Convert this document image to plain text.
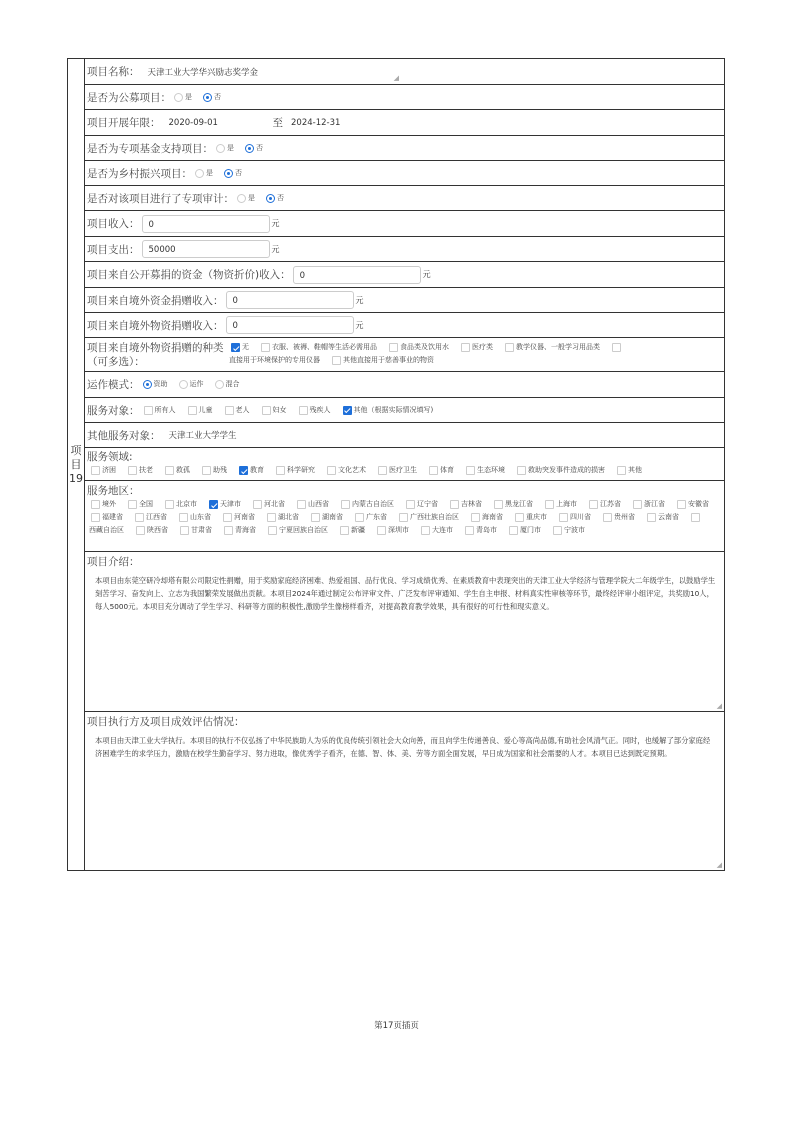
项目19
项目名称： 天津工业大学华兴励志奖学金
◢
是否为公募项目： 是	否
项目开展年限： 2020-09-01	至 2024-12-31
是否为专项基金支持项目： 是	否
是否为乡村振兴项目： 是	否
是否对该项目进行了专项审计： 是	否
项目收入：	0	元
项目支出：	50000	元
项目来自公开募捐的资金（物资折价)收入：	0	元
项目来自境外资金捐赠收入：	0	元
项目来自境外物资捐赠收入：	0	元
项目来自境外物资捐赠的种类
（可多选）：
无	衣服、被褥、鞋帽等生活必需用品	食品类及饮用水	医疗类	教学仪器、一般学习用品类
直接用于环境保护的专用仪器	其他直接用于慈善事业的物资
运作模式： 资助	运作	混合
服务对象： 所有人	儿童	老人	妇女	残疾人	其他（根据实际情况填写)
其他服务对象： 天津工业大学学生
服务领域:
济困	扶老	救孤	助残	教育	科学研究	文化艺术	医疗卫生	体育	生态环境	救助突发事件造成的损害	其他
服务地区：
境外	全国	北京市	天津市	河北省	山西省	内蒙古自治区	辽宁省	吉林省	黑龙江省	上海市	江苏省	浙江省	安徽省
福建省	江西省	山东省	河南省	湖北省	湖南省	广东省	广西壮族自治区	海南省	重庆市	四川省	贵州省	云南省
西藏自治区	陕西省	甘肃省	青海省	宁夏回族自治区	新疆	深圳市	大连市	青岛市	厦门市	宁波市
项目介绍：
本项目由东莞空研冷却塔有限公司限定性捐赠，用于奖励家庭经济困难、热爱祖国、品行优良、学习成绩优秀、在素质教育中表现突出的天津工业大学经济与管理学院大二年级学生，以鼓励学生刻苦学习、奋发向上、立志为我国繁荣发展做出贡献。本项目2024年通过制定公布评审文件、广泛发布评审通知、学生自主申报、材料真实性审核等环节，最终经评审小组评定，共奖励10人，每人5000元。本项目充分调动了学生学习、科研等方面的积极性,激励学生像榜样看齐，对提高教育教学效果，具有很好的可行性和现实意义。
◢
项目执行方及项目成效评估情况：
本项目由天津工业大学执行。本项目的执行不仅弘扬了中华民族助人为乐的优良传统引领社会大众向善，而且向学生传递善良、爱心等高尚品德,有助社会风清气正。同时，也缓解了部分家庭经济困难学生的求学压力，激励在校学生勤奋学习、努力进取，像优秀学子看齐，在德、智、体、美、劳等方面全面发展，早日成为国家和社会需要的人才。本项目已达到既定预期。
◢
第17页插页
